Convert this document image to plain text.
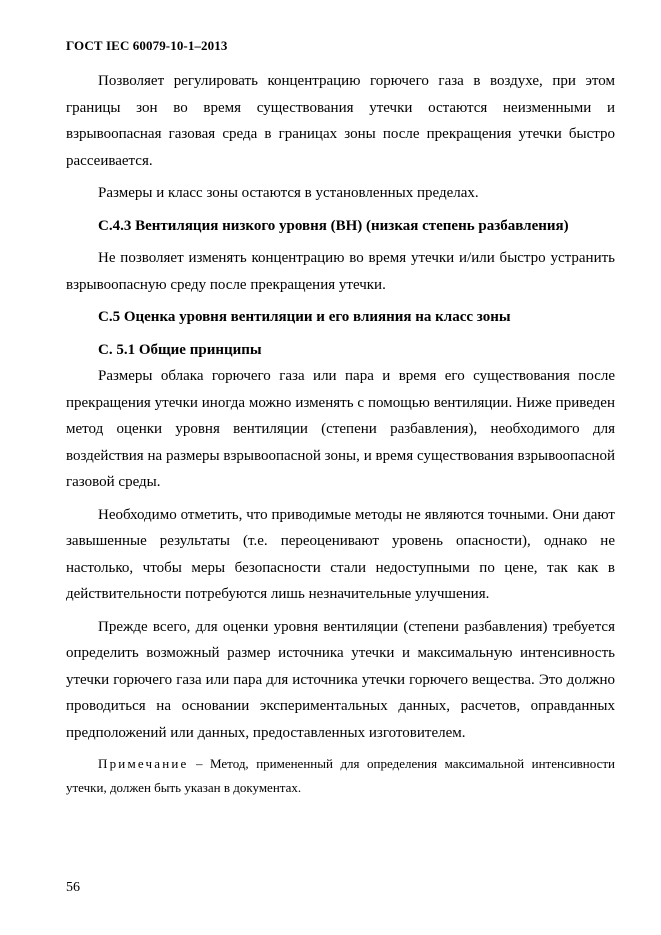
ГОСТ IEC 60079-10-1–2013

Позволяет регулировать концентрацию горючего газа в воздухе, при этом границы зон во время существования утечки остаются неизменными и взрывоопасная газовая среда в границах зоны после прекращения утечки быстро рассеивается.

Размеры и класс зоны остаются в установленных пределах.

С.4.3 Вентиляция низкого уровня (ВН) (низкая степень разбавления)

Не позволяет изменять концентрацию во время утечки и/или быстро устранить взрывоопасную среду после прекращения утечки.

С.5 Оценка уровня вентиляции и его влияния на класс зоны

С. 5.1 Общие принципы

Размеры облака горючего газа или пара и время его существования после прекращения утечки иногда можно изменять с помощью вентиляции. Ниже приведен метод оценки уровня вентиляции (степени разбавления), необходимого для воздействия на размеры взрывоопасной зоны, и время существования взрывоопасной газовой среды.

Необходимо отметить, что приводимые методы не являются точными. Они дают завышенные результаты (т.е. переоценивают уровень опасности), однако не настолько, чтобы меры безопасности стали недоступными по цене, так как в действительности потребуются лишь незначительные улучшения.

Прежде всего, для оценки уровня вентиляции (степени разбавления) требуется определить возможный размер источника утечки и максимальную интенсивность утечки горючего газа или пара для источника утечки горючего вещества. Это должно проводиться на основании экспериментальных данных, расчетов, оправданных предположений или данных, предоставленных изготовителем.

Примечание – Метод, примененный для определения максимальной интенсивности утечки, должен быть указан в документах.

56
